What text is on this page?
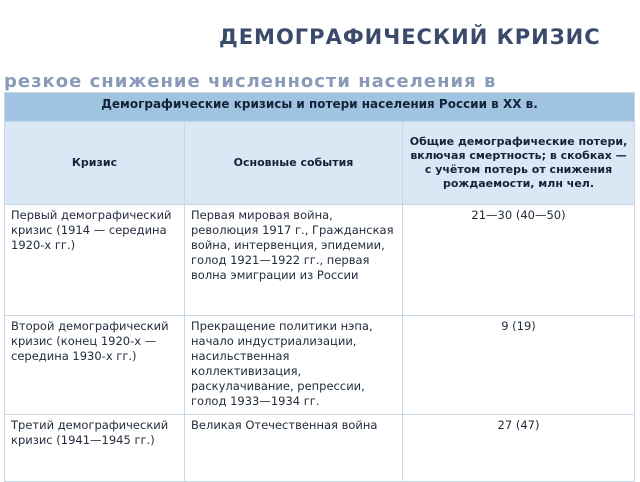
ДЕМОГРАФИЧЕСКИЙ КРИЗИС
резкое снижение численности населения в
Демографические кризисы и потери населения России в XX в.		
Кризис	Основные события	Общие демографические потери, включая смертность; в скобках — с учётом потерь от снижения рождаемости, млн чел.
Первый демографический кризис (1914 — середина 1920-х гг.)	Первая мировая война, революция 1917 г., Гражданская война, интервенция, эпидемии, голод 1921—1922 гг., первая волна эмиграции из России	21—30 (40—50)
Второй демографический кризис (конец 1920-х — середина 1930-х гг.)	Прекращение политики нэпа, начало индустриализации, насильственная коллективизация, раскулачивание, репрессии, голод 1933—1934 гг.	9 (19)
Третий демографический кризис (1941—1945 гг.)	Великая Отечественная война	27 (47)
